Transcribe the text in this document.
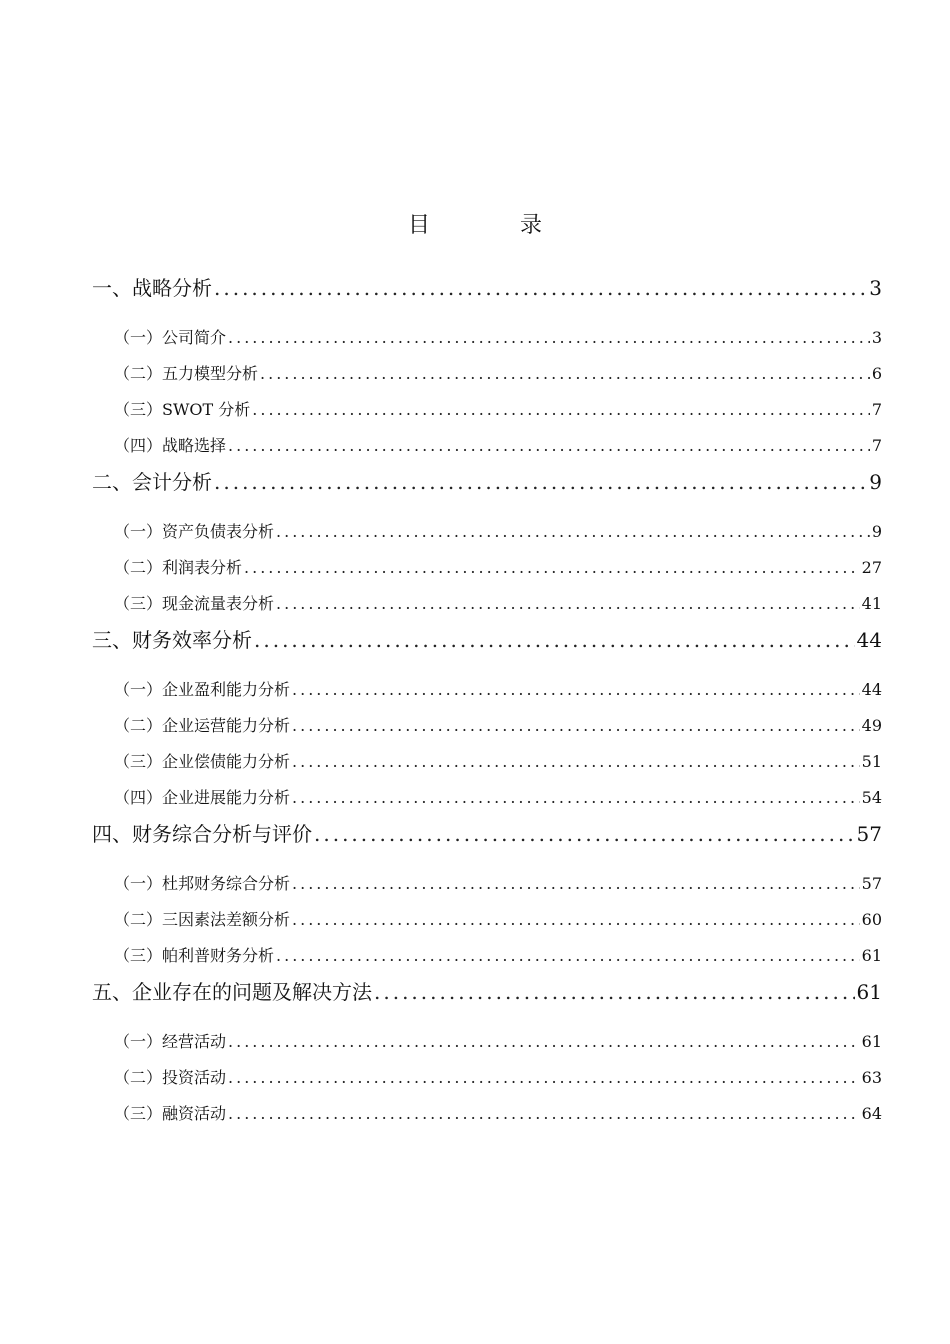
目	录
一、战略分析 .....	3
（一）公司简介 .....	3
（二）五力模型分析 .....	6
（三）SWOT 分析 .....	7
（四）战略选择 .....	7
二、会计分析 .....	9
（一）资产负债表分析 .....	9
（二）利润表分析 .....	27
（三）现金流量表分析 .....	41
三、财务效率分析 .....	44
（一）企业盈利能力分析 .....	44
（二）企业运营能力分析 .....	49
（三）企业偿债能力分析 .....	51
（四）企业进展能力分析 .....	54
四、财务综合分析与评价 .....	57
（一）杜邦财务综合分析 .....	57
（二）三因素法差额分析 .....	60
（三）帕利普财务分析 .....	61
五、企业存在的问题及解决方法 .....	61
（一）经营活动 .....	61
（二）投资活动 .....	63
（三）融资活动 .....	64
